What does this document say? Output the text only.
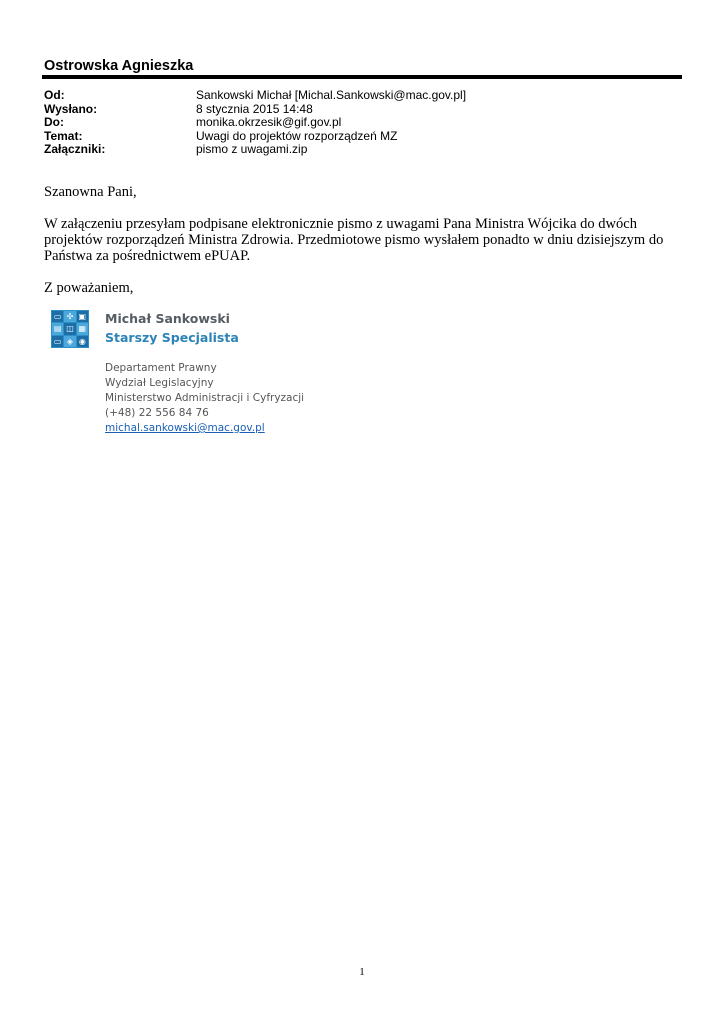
Ostrowska Agnieszka
Od:	Sankowski Michał [Michal.Sankowski@mac.gov.pl]
Wysłano:	8 stycznia 2015 14:48
Do:	monika.okrzesik@gif.gov.pl
Temat:	Uwagi do projektów rozporządzeń MZ
Załączniki:	pismo z uwagami.zip
Szanowna Pani,
W załączeniu przesyłam podpisane elektronicznie pismo z uwagami Pana Ministra Wójcika do dwóch projektów rozporządzeń Ministra Zdrowia. Przedmiotowe pismo wysłałem ponadto w dniu dzisiejszym do Państwa za pośrednictwem ePUAP.
Z poważaniem,
▭ ✣ ▣
▤ ◫ ▦
▭ ◈ ◉
Michał Sankowski
Starszy Specjalista
Departament Prawny
Wydział Legislacyjny
Ministerstwo Administracji i Cyfryzacji
(+48) 22 556 84 76
michal.sankowski@mac.gov.pl
1
